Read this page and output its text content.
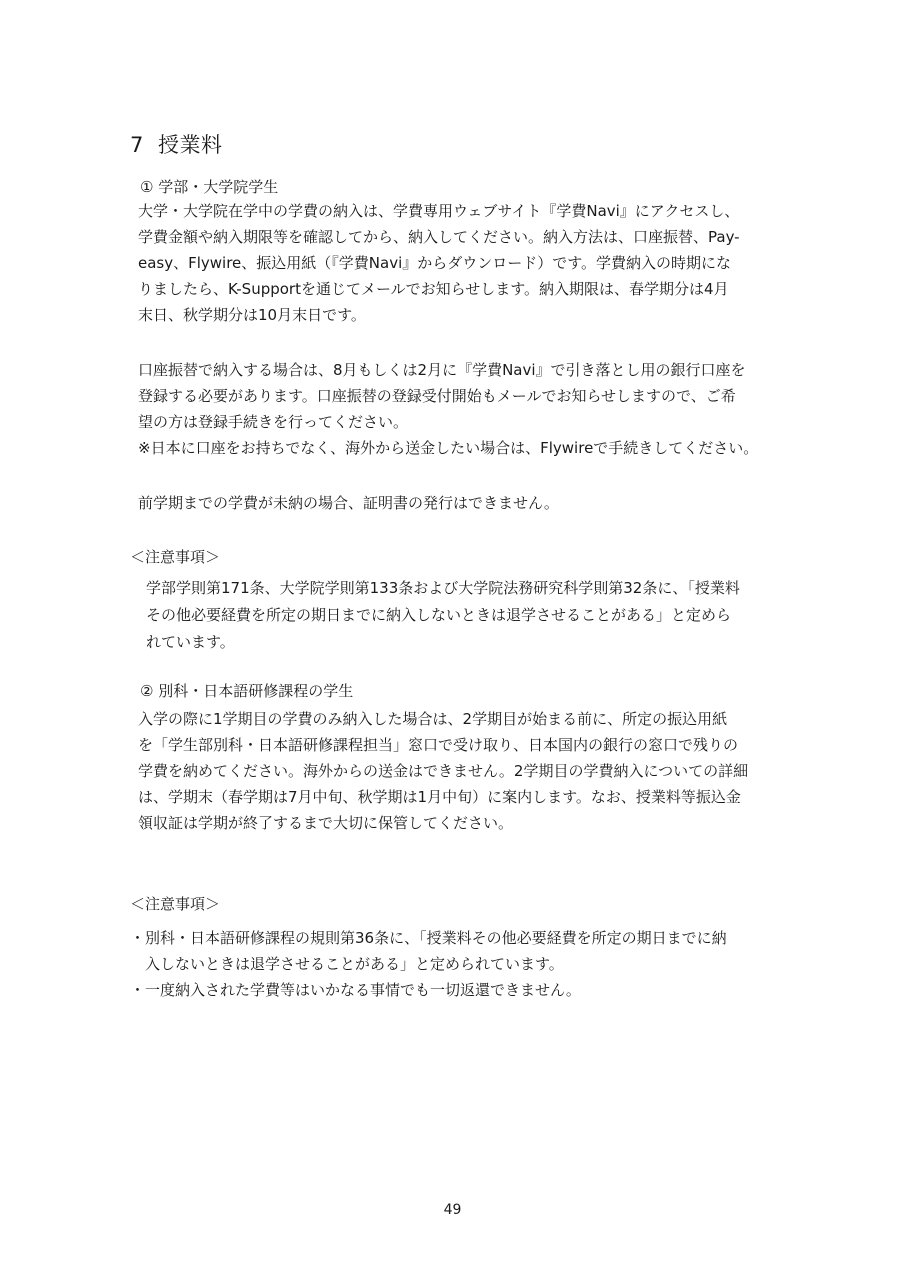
7 授業料
① 学部・大学院学生
大学・大学院在学中の学費の納入は、学費専用ウェブサイト『学費Navi』にアクセスし、
学費金額や納入期限等を確認してから、納入してください。納入方法は、口座振替、Pay-
easy、Flywire、振込用紙（『学費Navi』からダウンロード）です。学費納入の時期にな
りましたら、K-Supportを通じてメールでお知らせします。納入期限は、春学期分は4月
末日、秋学期分は10月末日です。
口座振替で納入する場合は、8月もしくは2月に『学費Navi』で引き落とし用の銀行口座を
登録する必要があります。口座振替の登録受付開始もメールでお知らせしますので、ご希
望の方は登録手続きを行ってください。
※日本に口座をお持ちでなく、海外から送金したい場合は、Flywireで手続きしてください。
前学期までの学費が未納の場合、証明書の発行はできません。
＜注意事項＞
学部学則第171条、大学院学則第133条および大学院法務研究科学則第32条に、「授業料
その他必要経費を所定の期日までに納入しないときは退学させることがある」と定めら
れています。
② 別科・日本語研修課程の学生
入学の際に1学期目の学費のみ納入した場合は、2学期目が始まる前に、所定の振込用紙
を「学生部別科・日本語研修課程担当」窓口で受け取り、日本国内の銀行の窓口で残りの
学費を納めてください。海外からの送金はできません。2学期目の学費納入についての詳細
は、学期末（春学期は7月中旬、秋学期は1月中旬）に案内します。なお、授業料等振込金
領収証は学期が終了するまで大切に保管してください。
＜注意事項＞
・別科・日本語研修課程の規則第36条に、「授業料その他必要経費を所定の期日までに納
　入しないときは退学させることがある」と定められています。
・一度納入された学費等はいかなる事情でも一切返還できません。
49
